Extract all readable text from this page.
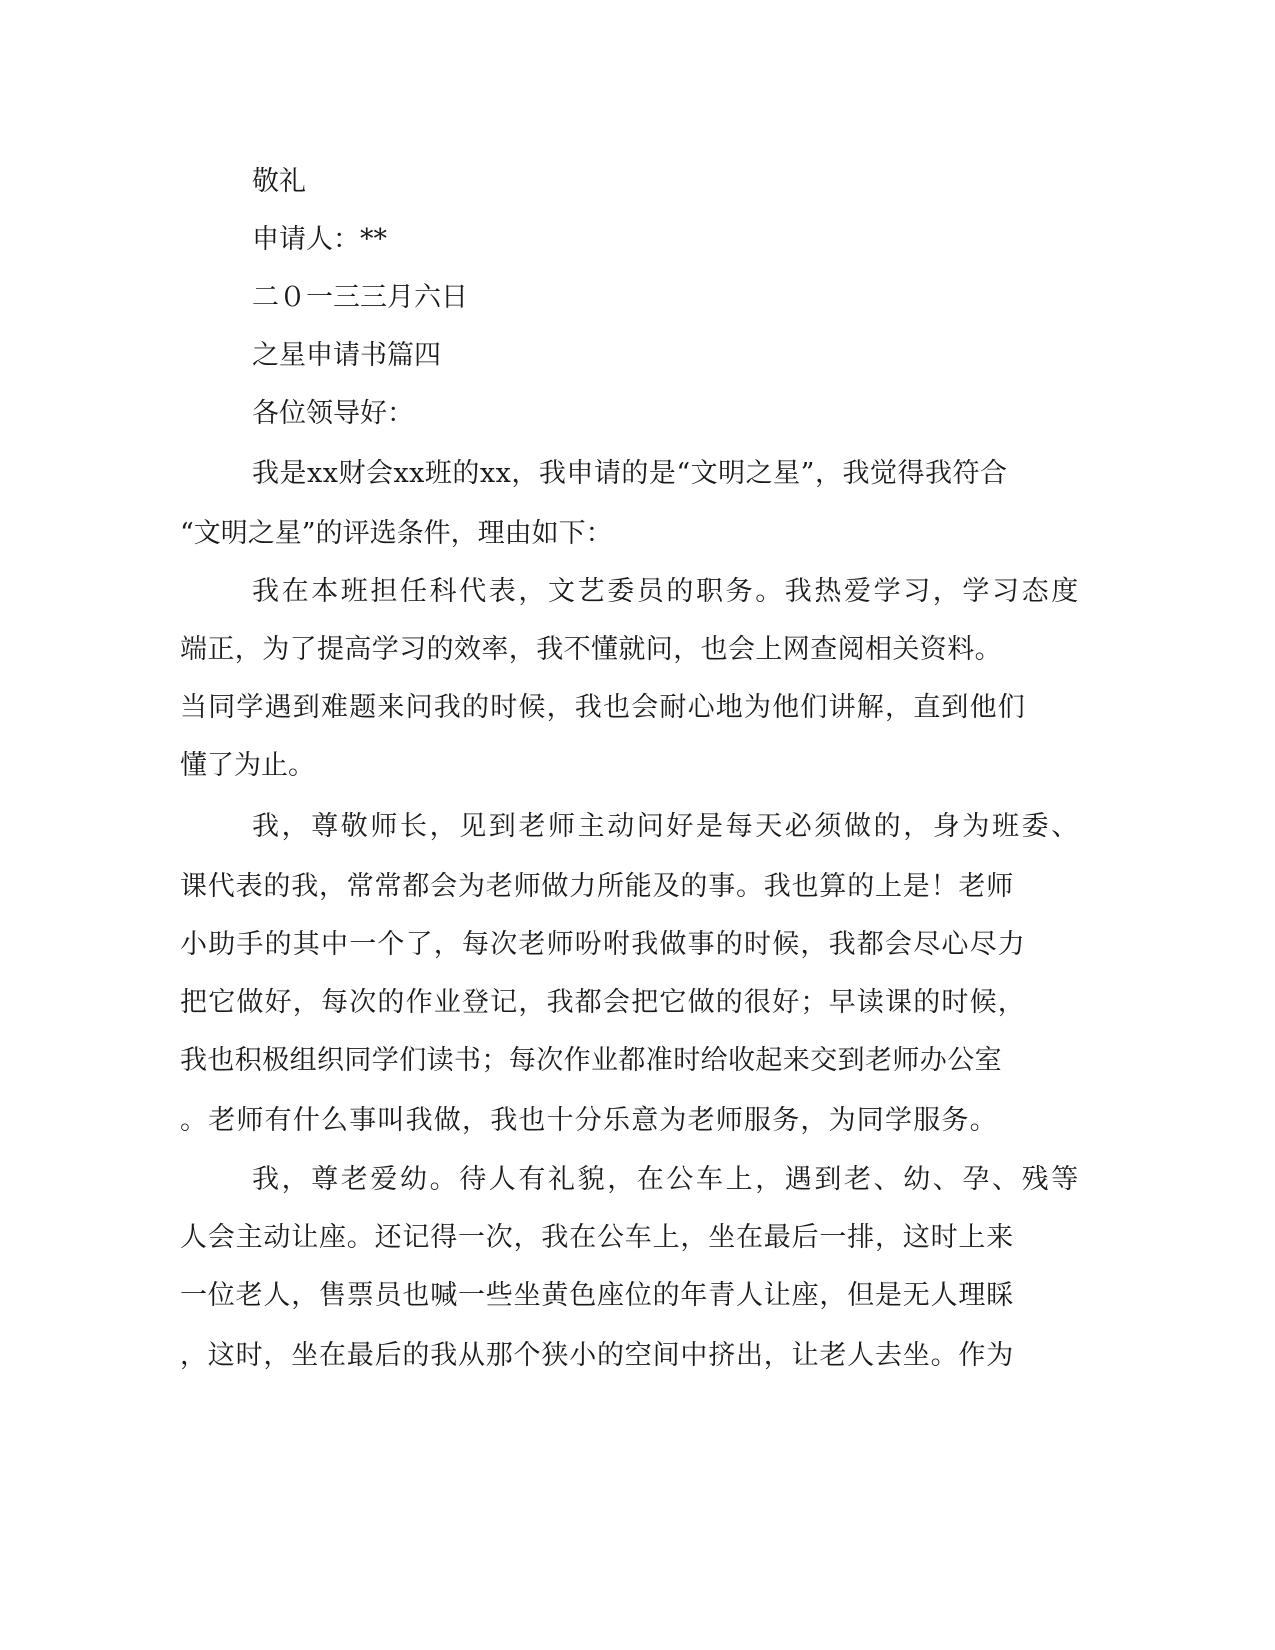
敬礼

申请人：**

二０一三三月六日

之星申请书篇四

各位领导好：

我是xx财会xx班的xx，我申请的是“文明之星”，我觉得我符合

“文明之星”的评选条件，理由如下：

我在本班担任科代表，文艺委员的职务。我热爱学习，学习态度

端正，为了提高学习的效率，我不懂就问，也会上网查阅相关资料。

当同学遇到难题来问我的时候，我也会耐心地为他们讲解，直到他们

懂了为止。

我，尊敬师长，见到老师主动问好是每天必须做的，身为班委、

课代表的我，常常都会为老师做力所能及的事。我也算的上是！老师

小助手的其中一个了，每次老师吩咐我做事的时候，我都会尽心尽力

把它做好，每次的作业登记，我都会把它做的很好；早读课的时候，

我也积极组织同学们读书；每次作业都准时给收起来交到老师办公室

。老师有什么事叫我做，我也十分乐意为老师服务，为同学服务。

我，尊老爱幼。待人有礼貌，在公车上，遇到老、幼、孕、残等

人会主动让座。还记得一次，我在公车上，坐在最后一排，这时上来

一位老人，售票员也喊一些坐黄色座位的年青人让座，但是无人理睬

，这时，坐在最后的我从那个狭小的空间中挤出，让老人去坐。作为
